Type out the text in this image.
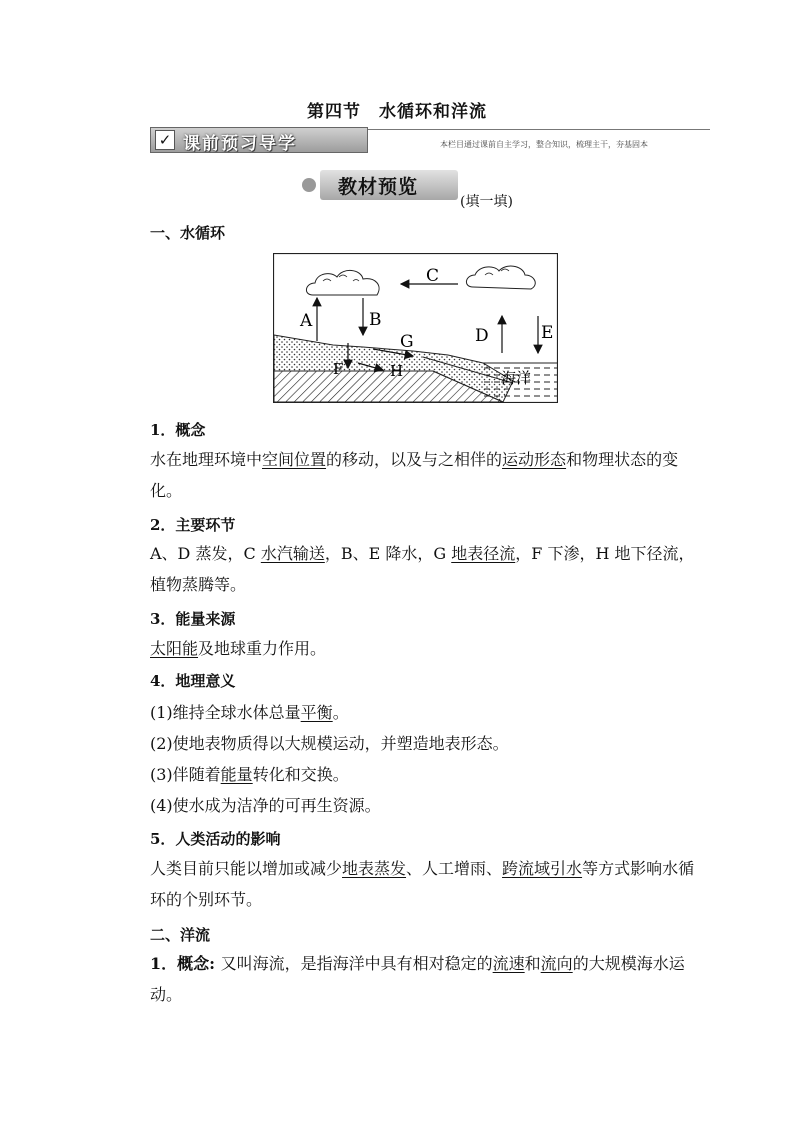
第四节　水循环和洋流
✓ 课前预习导学	本栏目通过课前自主学习，整合知识，梳理主干，夯基固本
教材预览
(填一填)
一、水循环
C
A	B
G	D	E
F	H	海洋
1．概念
水在地理环境中空间位置的移动，以及与之相伴的运动形态和物理状态的变化。
2．主要环节
A、D 蒸发，C 水汽输送，B、E 降水，G 地表径流，F 下渗，H 地下径流，植物蒸腾等。
3．能量来源
太阳能及地球重力作用。
4．地理意义
(1)维持全球水体总量平衡。
(2)使地表物质得以大规模运动，并塑造地表形态。
(3)伴随着能量转化和交换。
(4)使水成为洁净的可再生资源。
5．人类活动的影响
人类目前只能以增加或减少地表蒸发、人工增雨、跨流域引水等方式影响水循环的个别环节。
二、洋流
1．概念: 又叫海流，是指海洋中具有相对稳定的流速和流向的大规模海水运动。
